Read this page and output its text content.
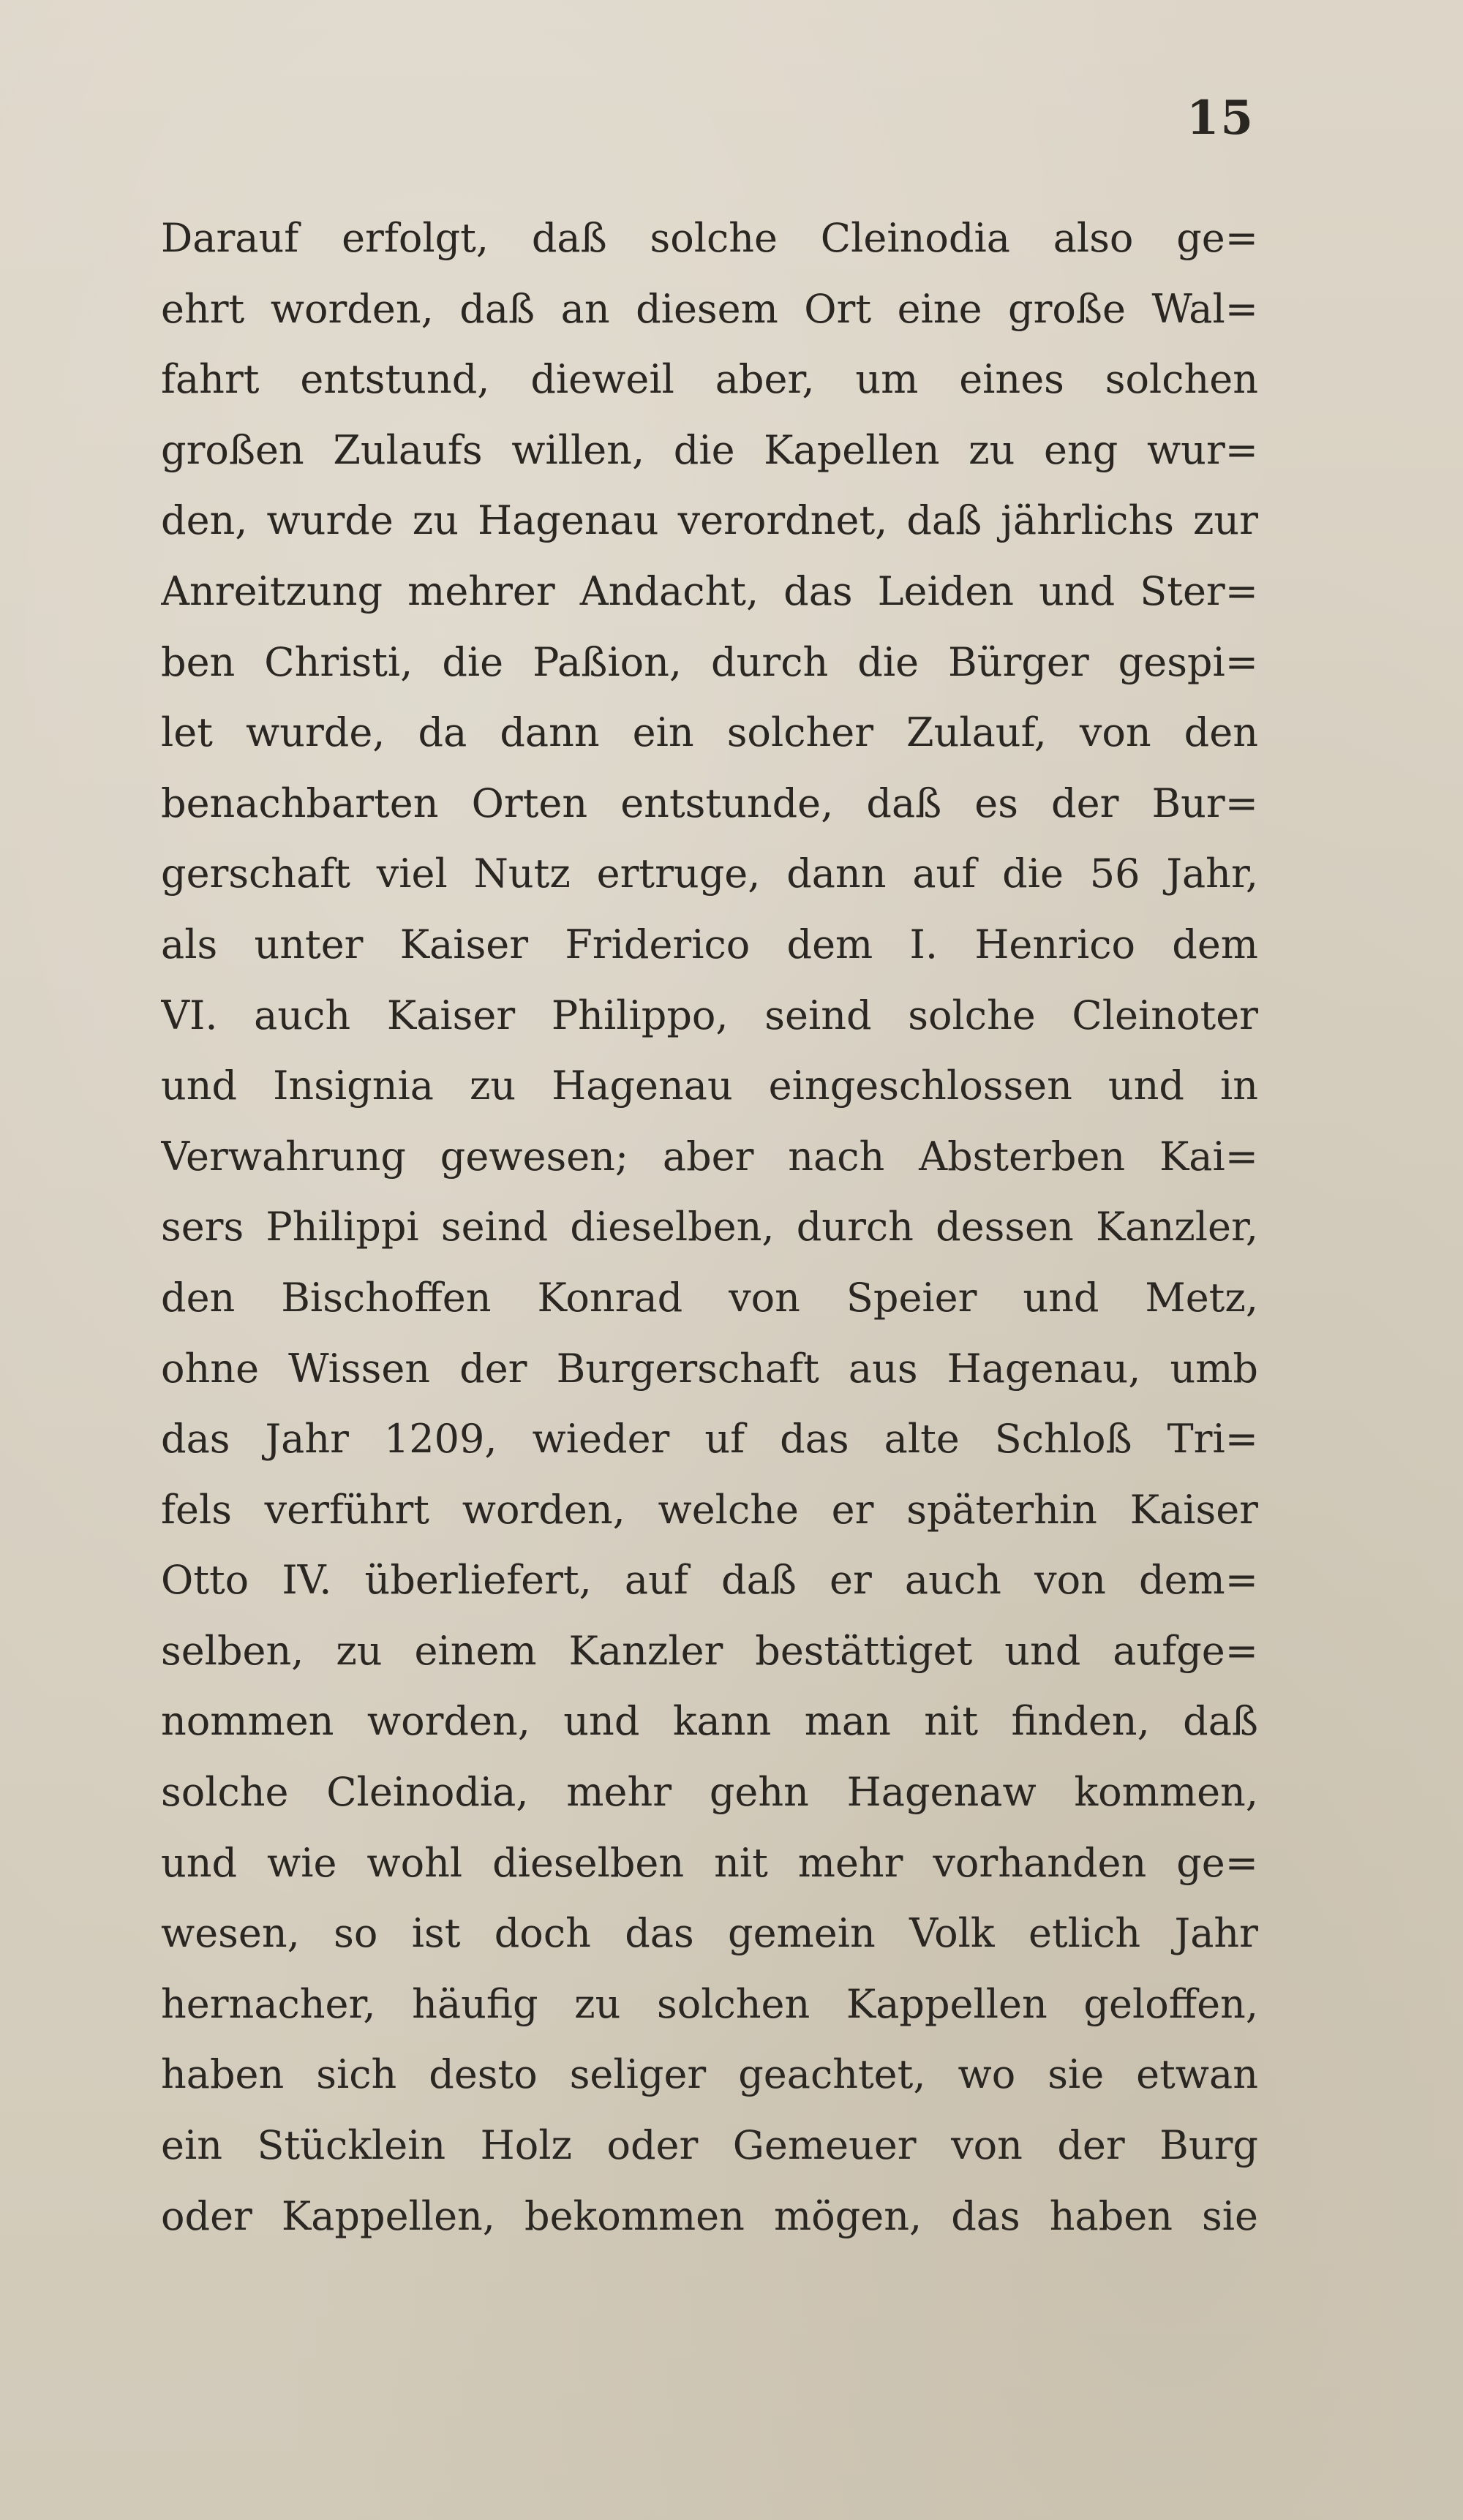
15
Darauf erfolgt, daß solche Cleinodia also ge=
ehrt worden, daß an diesem Ort eine große Wal=
fahrt entstund, dieweil aber, um eines solchen
großen Zulaufs willen, die Kapellen zu eng wur=
den, wurde zu Hagenau verordnet, daß jährlichs zur
Anreitzung mehrer Andacht, das Leiden und Ster=
ben Christi, die Paßion, durch die Bürger gespi=
let wurde, da dann ein solcher Zulauf, von den
benachbarten Orten entstunde, daß es der Bur=
gerschaft viel Nutz ertruge, dann auf die 56 Jahr,
als unter Kaiser Friderico dem I. Henrico dem
VI. auch Kaiser Philippo, seind solche Cleinoter
und Insignia zu Hagenau eingeschlossen und in
Verwahrung gewesen; aber nach Absterben Kai=
sers Philippi seind dieselben, durch dessen Kanzler,
den Bischoffen Konrad von Speier und Metz,
ohne Wissen der Burgerschaft aus Hagenau, umb
das Jahr 1209, wieder uf das alte Schloß Tri=
fels verführt worden, welche er späterhin Kaiser
Otto IV. überliefert, auf daß er auch von dem=
selben, zu einem Kanzler bestättiget und aufge=
nommen worden, und kann man nit finden, daß
solche Cleinodia, mehr gehn Hagenaw kommen,
und wie wohl dieselben nit mehr vorhanden ge=
wesen, so ist doch das gemein Volk etlich Jahr
hernacher, häufig zu solchen Kappellen geloffen,
haben sich desto seliger geachtet, wo sie etwan
ein Stücklein Holz oder Gemeuer von der Burg
oder Kappellen, bekommen mögen, das haben sie
